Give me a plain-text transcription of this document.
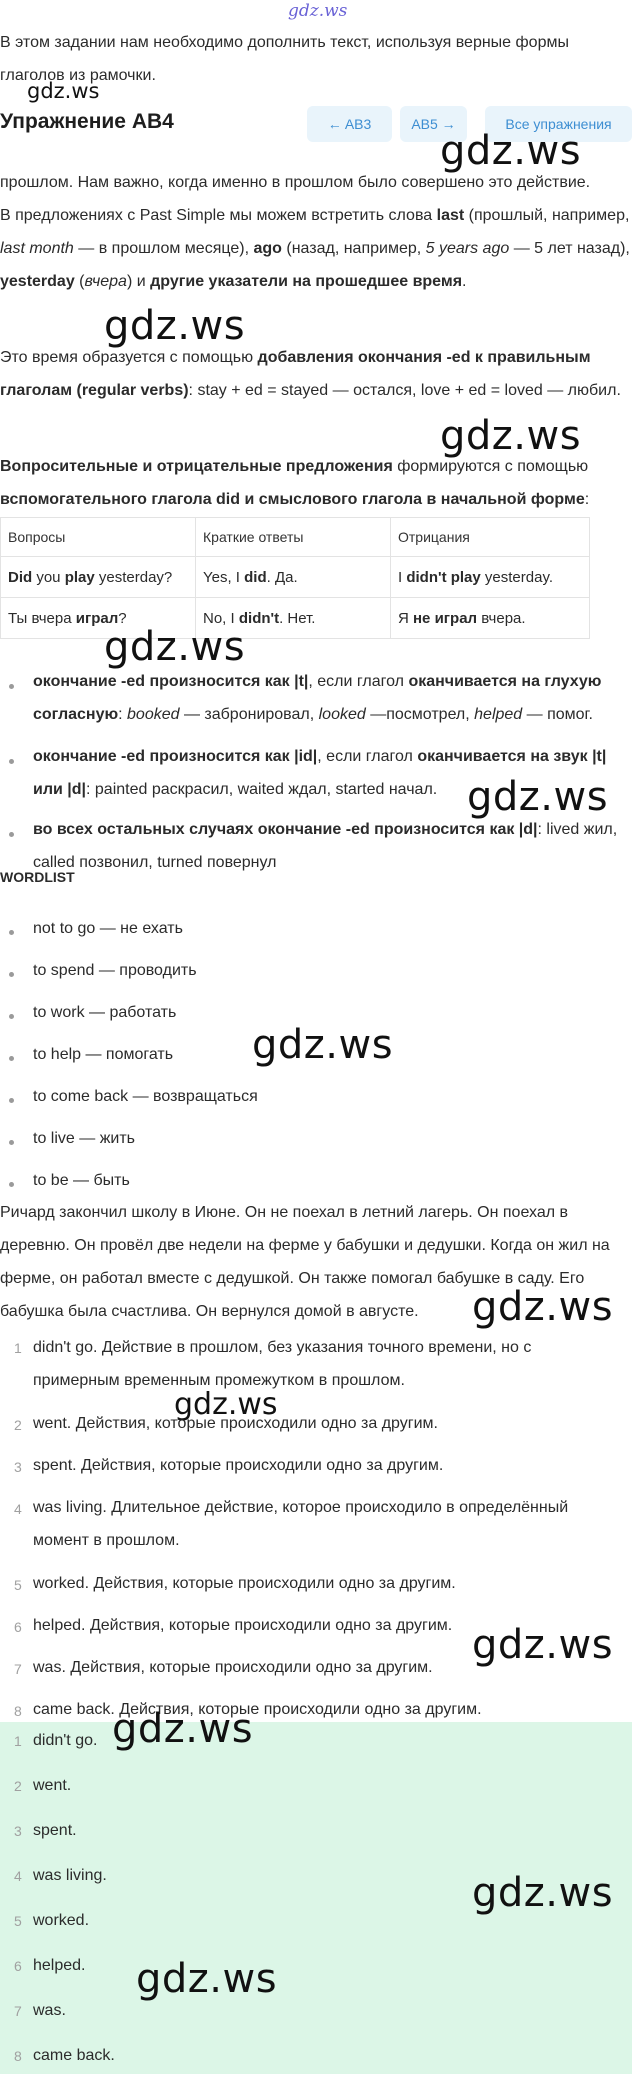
gdz.ws

В этом задании нам необходимо дополнить текст, используя верные формы глаголов из рамочки.

gdz.ws
Упражнение AB4	← AB3	AB5 →	Все упражнения

прошлом. Нам важно, когда именно в прошлом было совершено это действие.

gdz.ws

В предложениях с Past Simple мы можем встретить слова last (прошлый, например, last month — в прошлом месяце), ago (назад, например, 5 years ago — 5 лет назад), yesterday (вчера) и другие указатели на прошедшее время.

gdz.ws

Это время образуется с помощью добавления окончания -ed к правильным глаголам (regular verbs): stay + ed = stayed — остался, love + ed = loved — любил.

gdz.ws

Вопросительные и отрицательные предложения формируются с помощью вспомогательного глагола did и смыслового глагола в начальной форме:

Вопросы	Краткие ответы	Отрицания
Did you play yesterday?	Yes, I did. Да.	I didn't play yesterday.
Ты вчера играл?	No, I didn't. Нет.	Я не играл вчера.
gdz.ws
окончание -ed произносится как |t|, если глагол оканчивается на глухую согласную: booked — забронировал, looked —посмотрел, helped — помог.
окончание -ed произносится как |id|, если глагол оканчивается на звук |t| или |d|: painted раскрасил, waited ждал, started начал. gdz.ws
во всех остальных случаях окончание -ed произносится как |d|: lived жил, called позвонил, turned повернул
WORDLIST
not to go — не ехать
to spend — проводить
to work — работать
to help — помогать	gdz.ws
to come back — возвращаться
to live — жить
to be — быть

Ричард закончил школу в Июне. Он не поехал в летний лагерь. Он поехал в деревню. Он провёл две недели на ферме у бабушки и дедушки. Когда он жил на ферме, он работал вместе с дедушкой. Он также помогал бабушке в саду. Его бабушка была счастлива. Он вернулся домой в августе.	gdz.ws
1 didn't go. Действие в прошлом, без указания точного времени, но с примерным временным промежутком в прошлом.
gdz.ws
2 went. Действия, которые происходили одно за другим.
3 spent. Действия, которые происходили одно за другим.
4 was living. Длительное действие, которое происходило в определённый момент в прошлом.
5 worked. Действия, которые происходили одно за другим.
6 helped. Действия, которые происходили одно за другим.
7 was. Действия, которые происходили одно за другим. gdz.ws
8 came back. Действия, которые происходили одно за другим.
1 didn't go. gdz.ws
2 went.
3 spent.
4 was living.	gdz.ws
5 worked.
6 helped.	gdz.ws
7 was.
8 came back.
